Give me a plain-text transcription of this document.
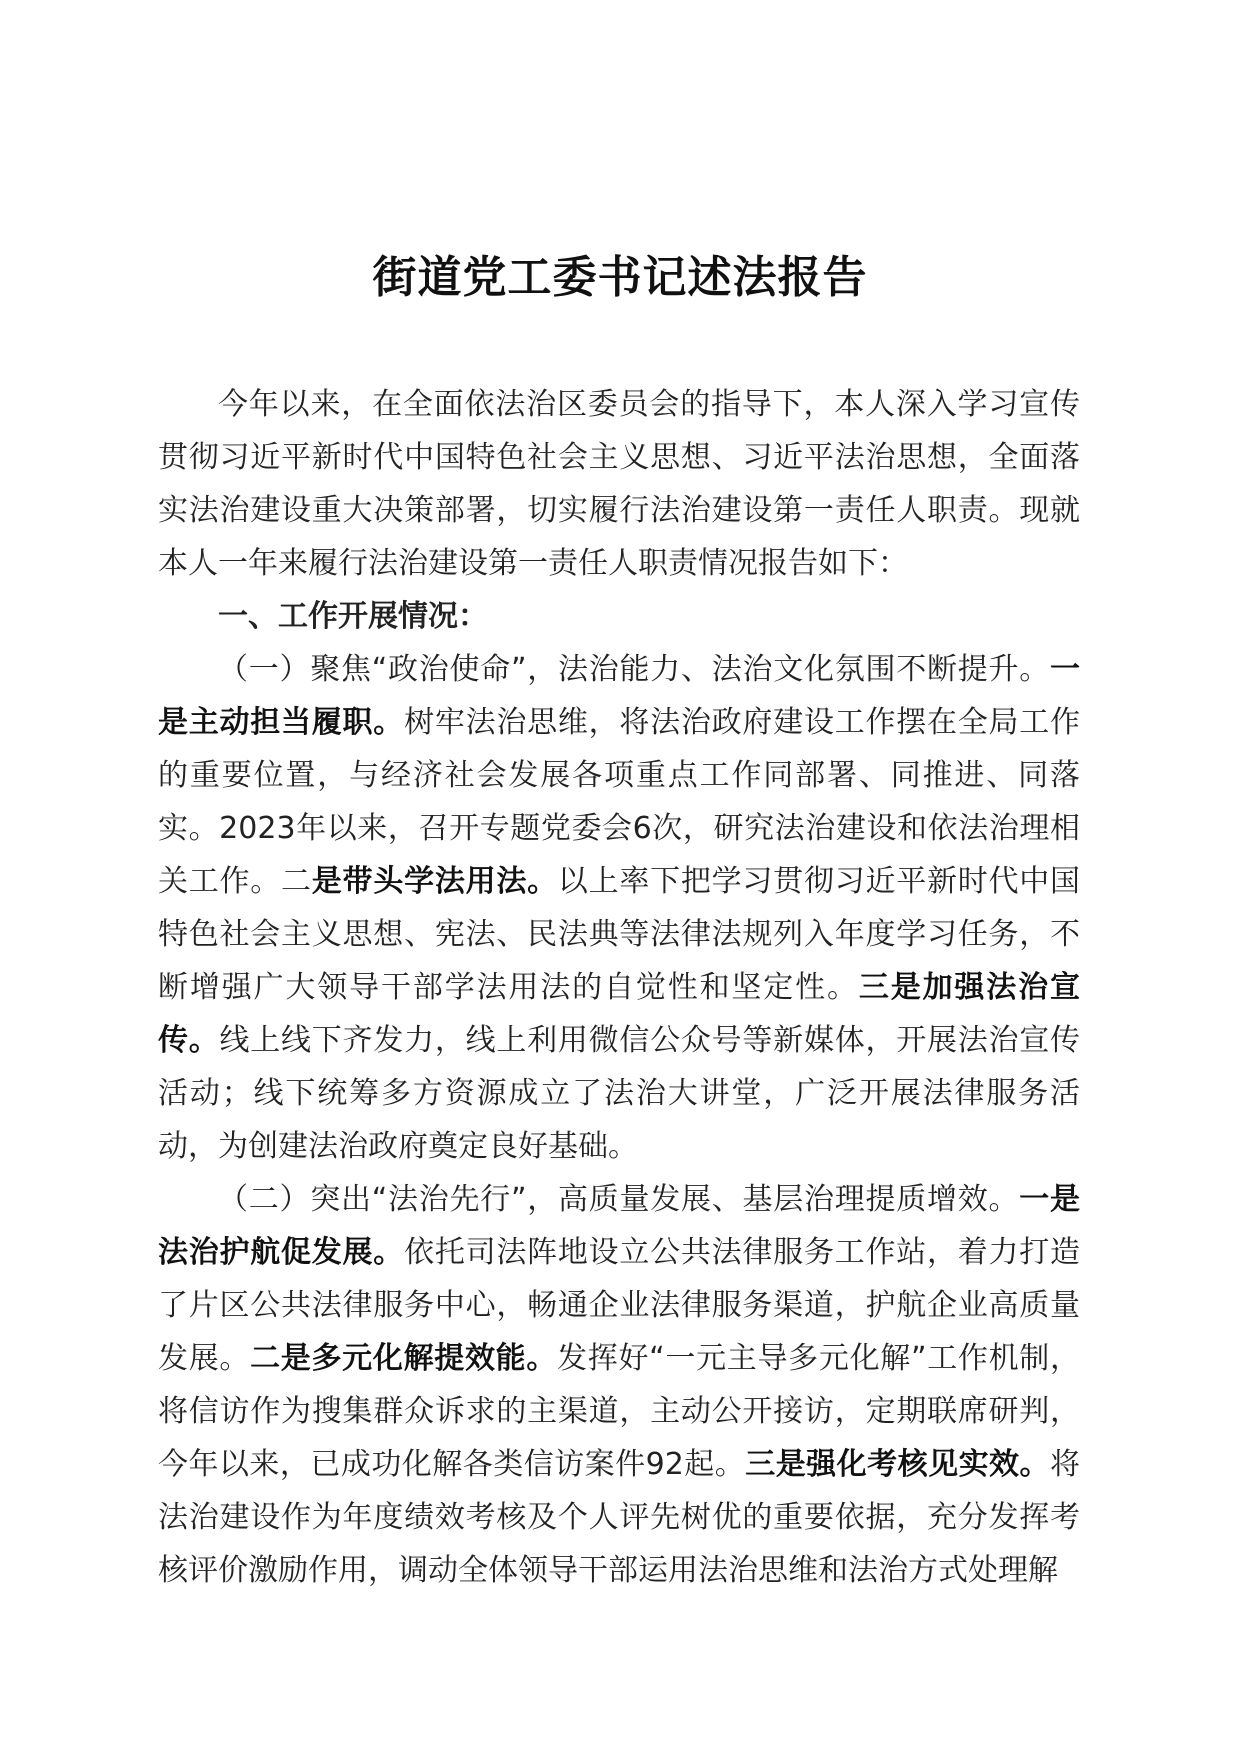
街道党工委书记述法报告

今年以来，在全面依法治区委员会的指导下，本人深入学习宣传贯彻习近平新时代中国特色社会主义思想、习近平法治思想，全面落实法治建设重大决策部署，切实履行法治建设第一责任人职责。现就本人一年来履行法治建设第一责任人职责情况报告如下：

一、工作开展情况：

（一）聚焦“政治使命”，法治能力、法治文化氛围不断提升。一是主动担当履职。树牢法治思维，将法治政府建设工作摆在全局工作的重要位置，与经济社会发展各项重点工作同部署、同推进、同落实。2023年以来，召开专题党委会6次，研究法治建设和依法治理相关工作。二是带头学法用法。以上率下把学习贯彻习近平新时代中国特色社会主义思想、宪法、民法典等法律法规列入年度学习任务，不断增强广大领导干部学法用法的自觉性和坚定性。三是加强法治宣传。线上线下齐发力，线上利用微信公众号等新媒体，开展法治宣传活动；线下统筹多方资源成立了法治大讲堂，广泛开展法律服务活动，为创建法治政府奠定良好基础。

（二）突出“法治先行”，高质量发展、基层治理提质增效。一是法治护航促发展。依托司法阵地设立公共法律服务工作站，着力打造了片区公共法律服务中心，畅通企业法律服务渠道，护航企业高质量发展。二是多元化解提效能。发挥好“一元主导多元化解”工作机制，将信访作为搜集群众诉求的主渠道，主动公开接访，定期联席研判，今年以来，已成功化解各类信访案件92起。三是强化考核见实效。将法治建设作为年度绩效考核及个人评先树优的重要依据，充分发挥考核评价激励作用，调动全体领导干部运用法治思维和法治方式处理解
